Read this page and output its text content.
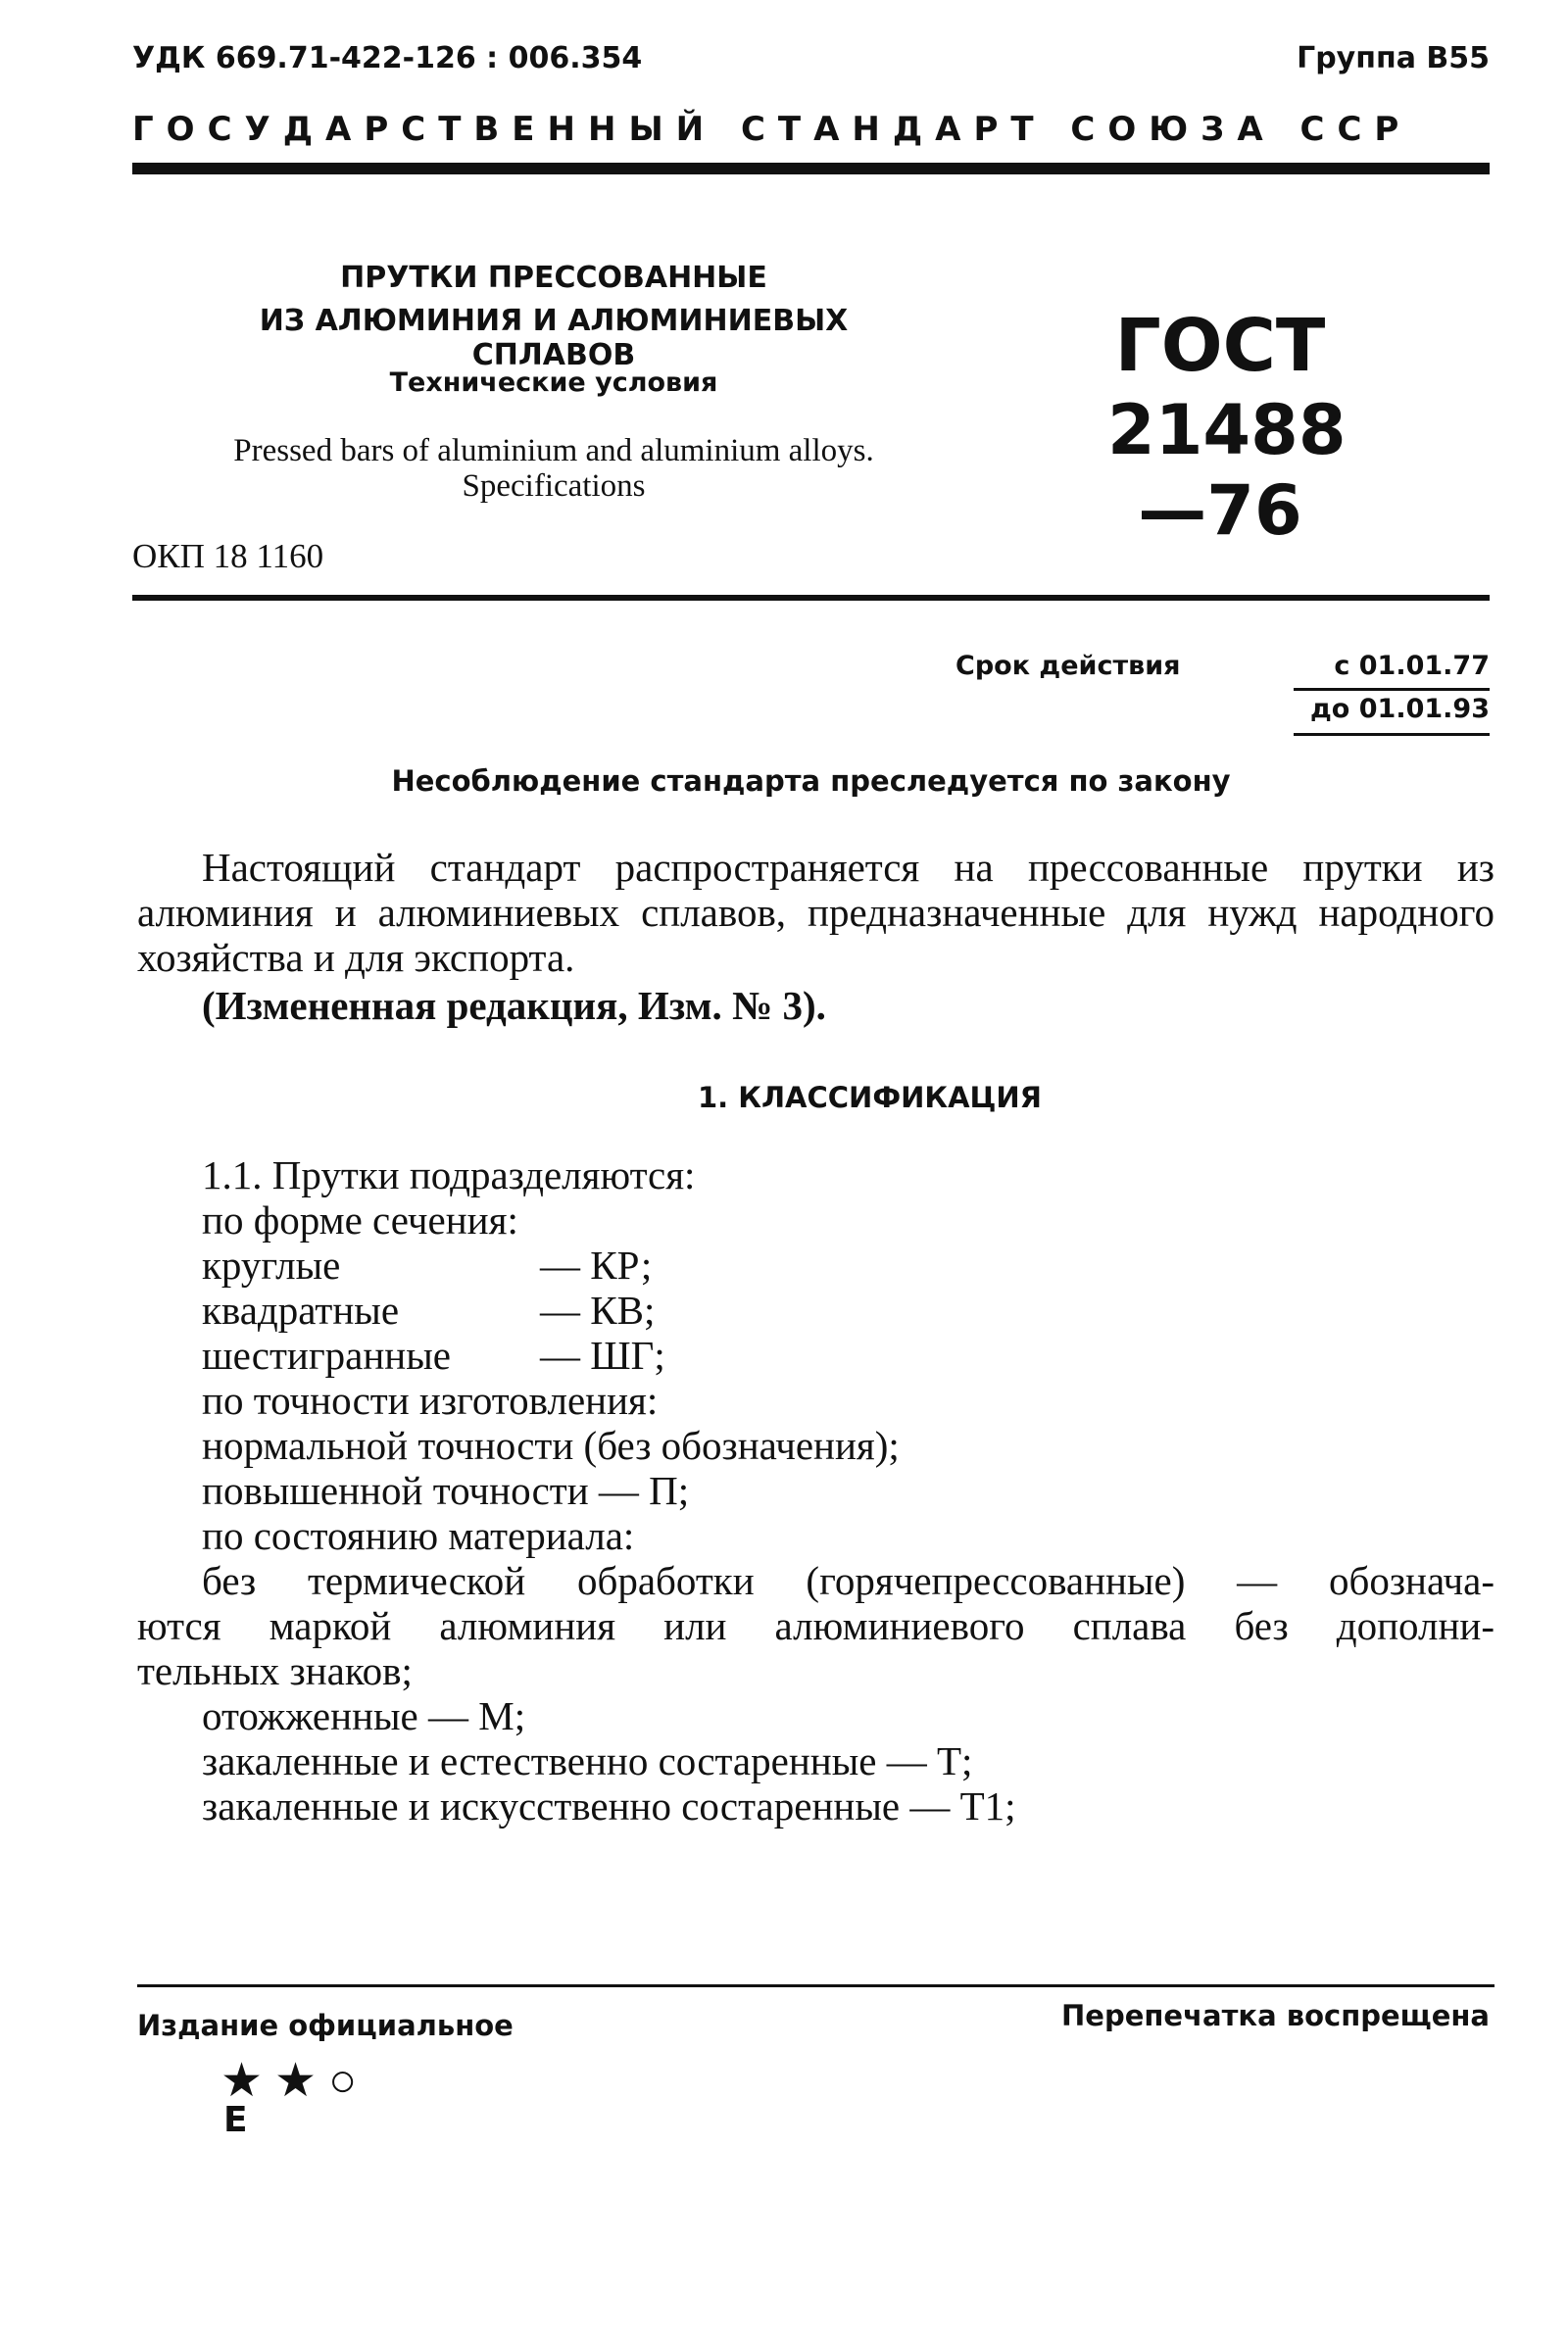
УДК 669.71-422-126 : 006.354	Группа В55
ГОСУДАРСТВЕННЫЙ СТАНДАРТ СОЮЗА ССР
ПРУТКИ ПРЕССОВАННЫЕ
ИЗ АЛЮМИНИЯ И АЛЮМИНИЕВЫХ СПЛАВОВ
Технические условия
Pressed bars of aluminium and aluminium alloys.
Specifications
ГОСТ
21488—76
ОКП 18 1160
Срок действия	с 01.01.77
до 01.01.93
Несоблюдение стандарта преследуется по закону

Настоящий стандарт распространяется на прессованные прутки из алюминия и алюминиевых сплавов, предназначенные для нужд народного хозяйства и для экспорта.

(Измененная редакция, Изм. № 3).
1. КЛАССИФИКАЦИЯ
1.1. Прутки подразделяются:
по форме сечения:
круглые	— КР;
квадратные	— КВ;
шестигранные — ШГ;
по точности изготовления:
нормальной точности (без обозначения);
повышенной точности — П;
по состоянию материала:
без термической обработки (горячепрессованные) — обознача-
ются маркой алюминия или алюминиевого сплава без дополни-
тельных знаков;
отожженные — М;
закаленные и естественно состаренные — Т;
закаленные и искусственно состаренные — Т1;
Издание официальное	Перепечатка воспрещена
★ ★ ○
Е
